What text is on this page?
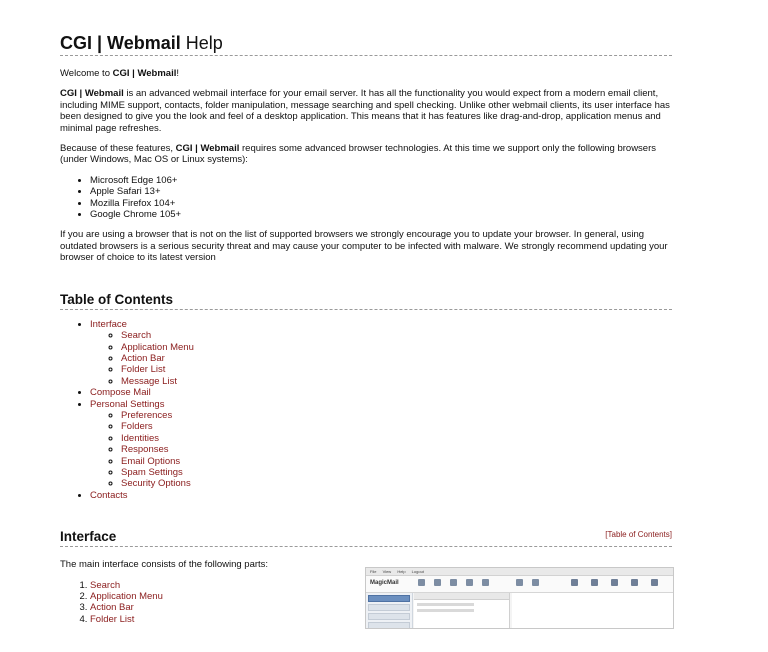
CGI | Webmail Help

Welcome to CGI | Webmail!

CGI | Webmail is an advanced webmail interface for your email server. It has all the functionality you would expect from a modern email client, including MIME support, contacts, folder manipulation, message searching and spell checking. Unlike other webmail clients, its user interface has been designed to give you the look and feel of a desktop application. This means that it has features like drag-and-drop, application menus and minimal page refreshes.

Because of these features, CGI | Webmail requires some advanced browser technologies. At this time we support only the following browsers (under Windows, Mac OS or Linux systems):

• Microsoft Edge 106+
• Apple Safari 13+
• Mozilla Firefox 104+
• Google Chrome 105+

If you are using a browser that is not on the list of supported browsers we strongly encourage you to update your browser. In general, using outdated browsers is a serious security threat and may cause your computer to be infected with malware. We strongly recommend updating your browser of choice to its latest version

Table of Contents
• Interface
◦ Search
◦ Application Menu
◦ Action Bar
◦ Folder List
◦ Message List
• Compose Mail
• Personal Settings
◦ Preferences
◦ Folders
◦ Identities
◦ Responses
◦ Email Options
◦ Spam Settings
◦ Security Options
• Contacts
Interface	[Table of Contents]

The main interface consists of the following parts:

File View Help Logout
MagicMail
1. Search
2. Application Menu
3. Action Bar
4. Folder List
